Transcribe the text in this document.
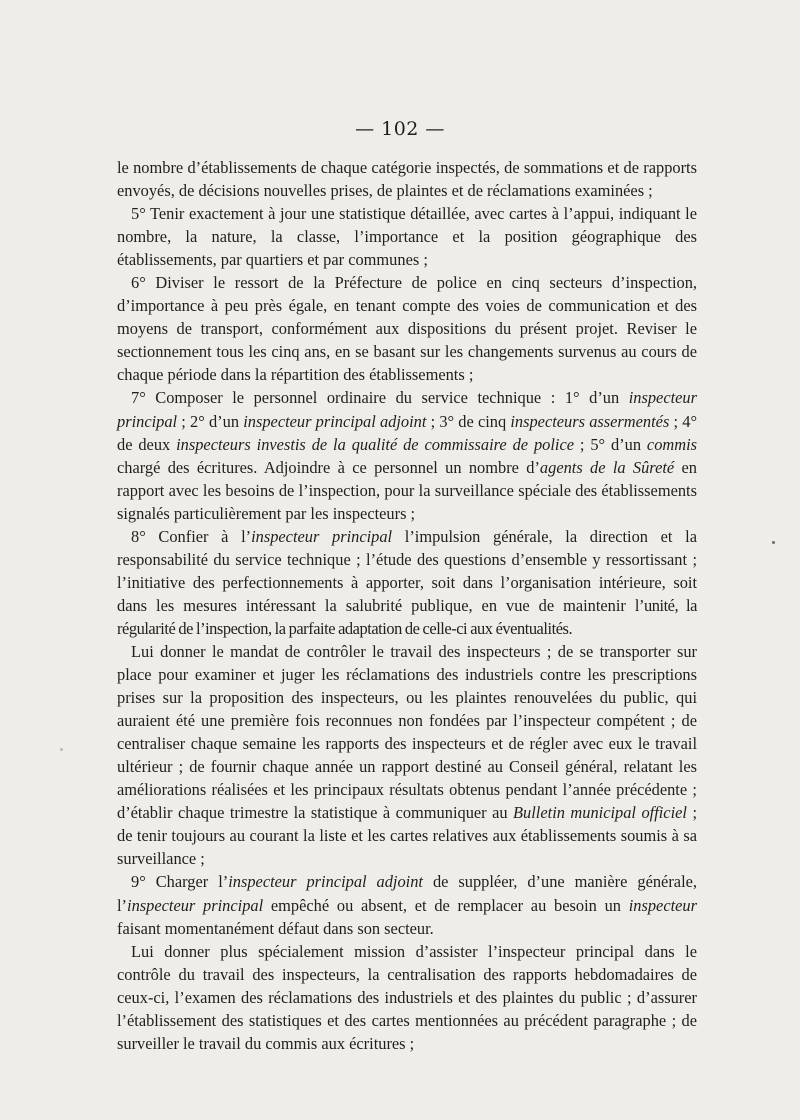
— 102 —

le nombre d’établissements de chaque catégorie inspectés, de sommations et de rapports envoyés, de décisions nouvelles prises, de plaintes et de réclamations examinées ;

5° Tenir exactement à jour une statistique détaillée, avec cartes à l’appui, indiquant le nombre, la nature, la classe, l’importance et la position géographique des établissements, par quartiers et par communes ;

6° Diviser le ressort de la Préfecture de police en cinq secteurs d’inspection, d’importance à peu près égale, en tenant compte des voies de communication et des moyens de transport, conformément aux dispositions du présent projet. Reviser le sectionnement tous les cinq ans, en se basant sur les changements survenus au cours de chaque période dans la répartition des établissements ;

7° Composer le personnel ordinaire du service technique : 1° d’un inspecteur principal ; 2° d’un inspecteur principal adjoint ; 3° de cinq inspecteurs assermentés ; 4° de deux inspecteurs investis de la qualité de commissaire de police ; 5° d’un commis chargé des écritures. Adjoindre à ce personnel un nombre d’agents de la Sûreté en rapport avec les besoins de l’inspection, pour la surveillance spéciale des établissements signalés particulièrement par les inspecteurs ;

8° Confier à l’inspecteur principal l’impulsion générale, la direction et la responsabilité du service technique ; l’étude des questions d’ensemble y ressortissant ; l’initiative des perfectionnements à apporter, soit dans l’organisation intérieure, soit dans les mesures intéressant la salubrité publique, en vue de maintenir l’unité, la régularité de l’inspection, la parfaite adaptation de celle-ci aux éventualités.

Lui donner le mandat de contrôler le travail des inspecteurs ; de se transporter sur place pour examiner et juger les réclamations des industriels contre les prescriptions prises sur la proposition des inspecteurs, ou les plaintes renouvelées du public, qui auraient été une première fois reconnues non fondées par l’inspecteur compétent ; de centraliser chaque semaine les rapports des inspecteurs et de régler avec eux le travail ultérieur ; de fournir chaque année un rapport destiné au Conseil général, relatant les améliorations réalisées et les principaux résultats obtenus pendant l’année précédente ; d’établir chaque trimestre la statistique à communiquer au Bulletin municipal officiel ; de tenir toujours au courant la liste et les cartes relatives aux établissements soumis à sa surveillance ;

9° Charger l’inspecteur principal adjoint de suppléer, d’une manière générale, l’inspecteur principal empêché ou absent, et de remplacer au besoin un inspecteur faisant momentanément défaut dans son secteur.

Lui donner plus spécialement mission d’assister l’inspecteur principal dans le contrôle du travail des inspecteurs, la centralisation des rapports hebdomadaires de ceux-ci, l’examen des réclamations des industriels et des plaintes du public ; d’assurer l’établissement des statistiques et des cartes mentionnées au précédent paragraphe ; de surveiller le travail du commis aux écritures ;
